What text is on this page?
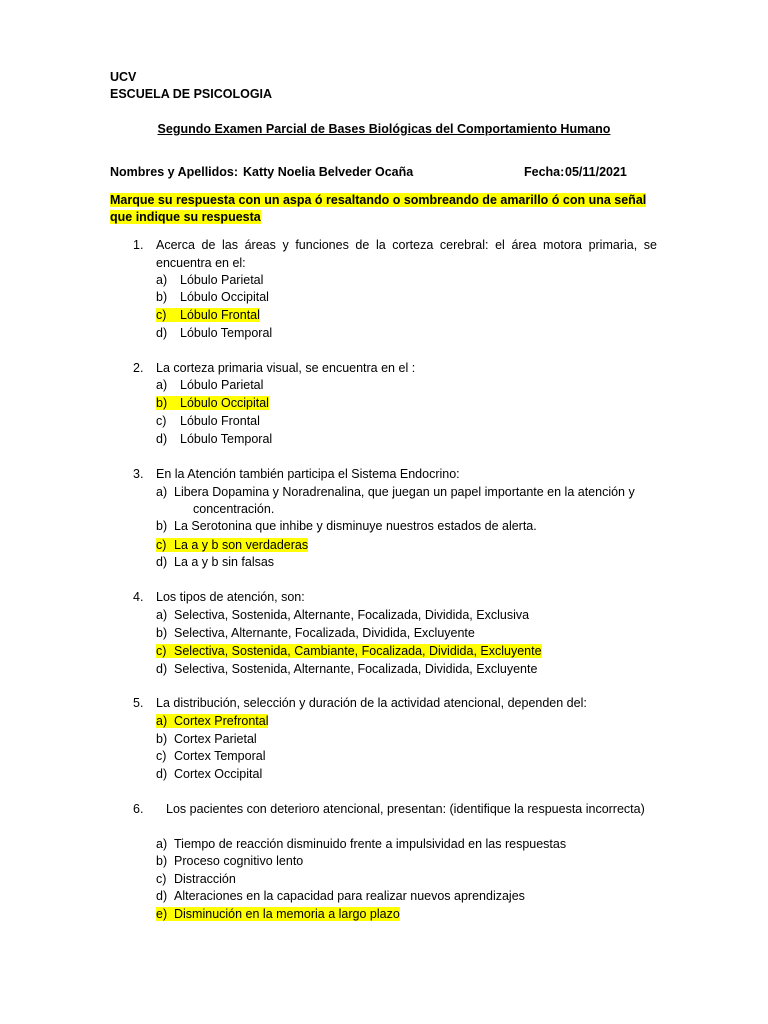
UCV
ESCUELA DE PSICOLOGIA
Segundo Examen Parcial de Bases Biológicas del Comportamiento Humano
Nombres y Apellidos: Katty Noelia Belveder Ocaña	Fecha: 05/11/2021
Marque su respuesta con un aspa ó resaltando o sombreando de amarillo ó con una señal
que indique su respuesta
1. Acerca de las áreas y funciones de la corteza cerebral: el área motora primaria, se encuentra en el:
a) Lóbulo Parietal
b) Lóbulo Occipital
c) Lóbulo Frontal
d) Lóbulo Temporal
2. La corteza primaria visual, se encuentra en el :
a) Lóbulo Parietal
b) Lóbulo Occipital
c) Lóbulo Frontal
d) Lóbulo Temporal
3. En la Atención también participa el Sistema Endocrino:
a) Libera Dopamina y Noradrenalina, que juegan un papel importante en la atención y
concentración.
b) La Serotonina que inhibe y disminuye nuestros estados de alerta.
c) La a y b son verdaderas
d) La a y b sin falsas
4. Los tipos de atención, son:
a) Selectiva, Sostenida, Alternante, Focalizada, Dividida, Exclusiva
b) Selectiva, Alternante, Focalizada, Dividida, Excluyente
c) Selectiva, Sostenida, Cambiante, Focalizada, Dividida, Excluyente
d) Selectiva, Sostenida, Alternante, Focalizada, Dividida, Excluyente
5. La distribución, selección y duración de la actividad atencional, dependen del:
a) Cortex Prefrontal
b) Cortex Parietal
c) Cortex Temporal
d) Cortex Occipital
6.	Los pacientes con deterioro atencional, presentan: (identifique la respuesta incorrecta)
a) Tiempo de reacción disminuido frente a impulsividad en las respuestas
b) Proceso cognitivo lento
c) Distracción
d) Alteraciones en la capacidad para realizar nuevos aprendizajes
e) Disminución en la memoria a largo plazo
